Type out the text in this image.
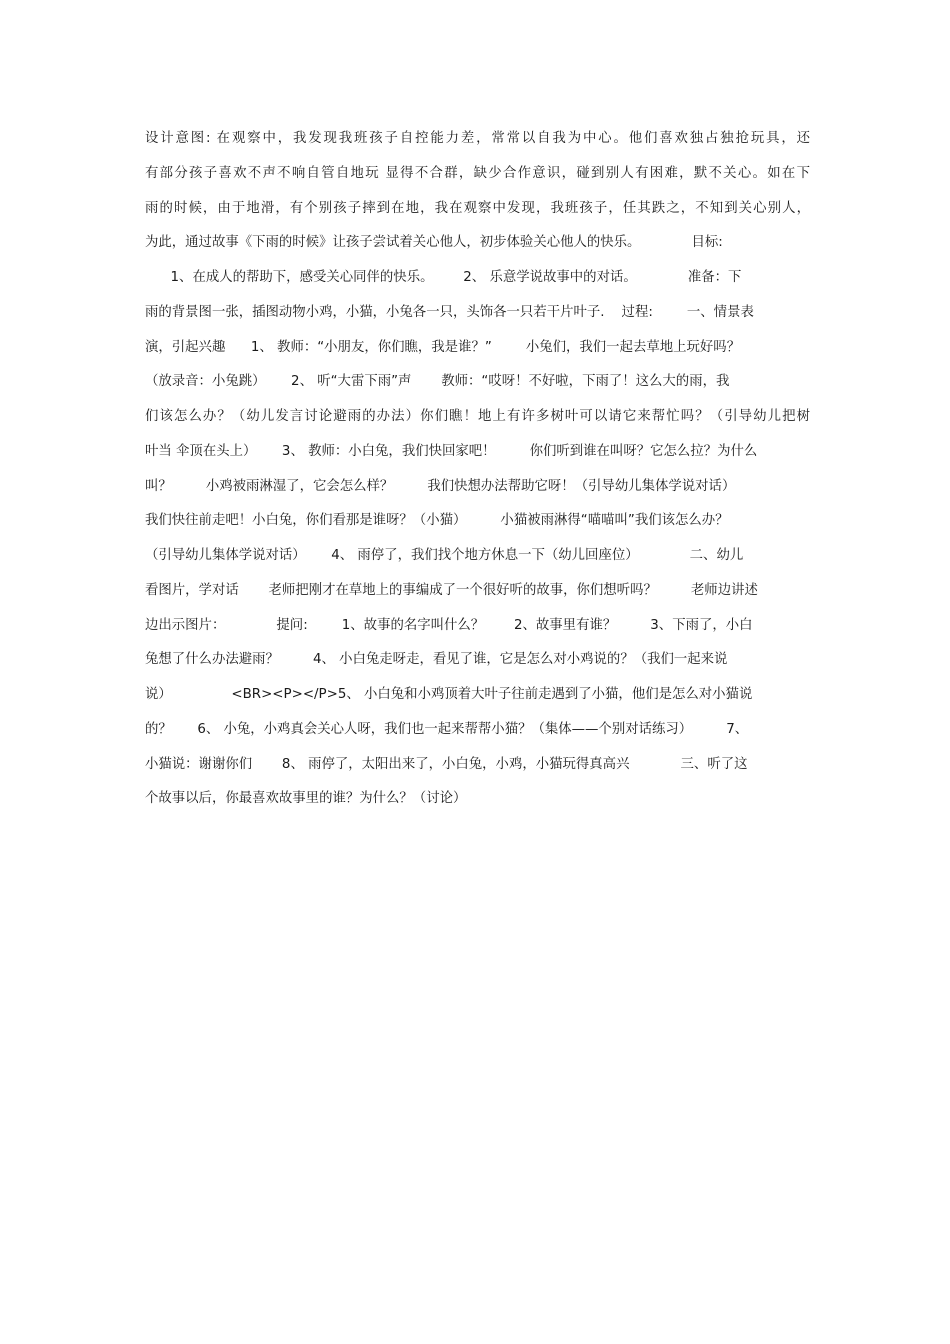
设计意图: 在观察中，我发现我班孩子自控能力差，常常以自我为中心。他们喜欢独占独抢玩具，还
有部分孩子喜欢不声不响自管自地玩 显得不合群，缺少合作意识，碰到别人有困难，默不关心。如在下
雨的时候，由于地滑，有个别孩子摔到在地，我在观察中发现，我班孩子，任其跌之，不知到关心别人，
为此，通过故事《下雨的时候》让孩子尝试着关心他人，初步体验关心他人的快乐。            目标:
1、在成人的帮助下，感受关心同伴的快乐。       2、 乐意学说故事中的对话。            准备：下
雨的背景图一张，插图动物小鸡，小猫，小兔各一只，头饰各一只若干片叶子.    过程:        一、情景表
演，引起兴趣      1、 教师：“小朋友，你们瞧，我是谁？”        小兔们，我们一起去草地上玩好吗？
（放录音：小兔跳）      2、 听“大雷下雨”声       教师：“哎呀！不好啦，下雨了！这么大的雨，我
们该怎么办？（幼儿发言讨论避雨的办法）你们瞧！地上有许多树叶可以请它来帮忙吗？（引导幼儿把树
叶当 伞顶在头上）      3、 教师：小白兔，我们快回家吧！        你们听到谁在叫呀？它怎么拉？为什么
叫？        小鸡被雨淋湿了，它会怎么样？        我们快想办法帮助它呀！（引导幼儿集体学说对话）
我们快往前走吧！小白兔，你们看那是谁呀？（小猫）        小猫被雨淋得“喵喵叫”我们该怎么办？
（引导幼儿集体学说对话）      4、 雨停了，我们找个地方休息一下（幼儿回座位）            二、幼儿
看图片，学对话       老师把刚才在草地上的事编成了一个很好听的故事，你们想听吗？        老师边讲述
边出示图片：            提问:        1、故事的名字叫什么？       2、故事里有谁？        3、下雨了，小白
兔想了什么办法避雨？        4、 小白兔走呀走，看见了谁，它是怎么对小鸡说的？（我们一起来说
说）              <BR><P></P>5、 小白兔和小鸡顶着大叶子往前走遇到了小猫，他们是怎么对小猫说
的？      6、 小兔，小鸡真会关心人呀，我们也一起来帮帮小猫？（集体——个别对话练习）        7、
小猫说：谢谢你们       8、 雨停了，太阳出来了，小白兔，小鸡，小猫玩得真高兴            三、听了这
个故事以后，你最喜欢故事里的谁？为什么？（讨论）
